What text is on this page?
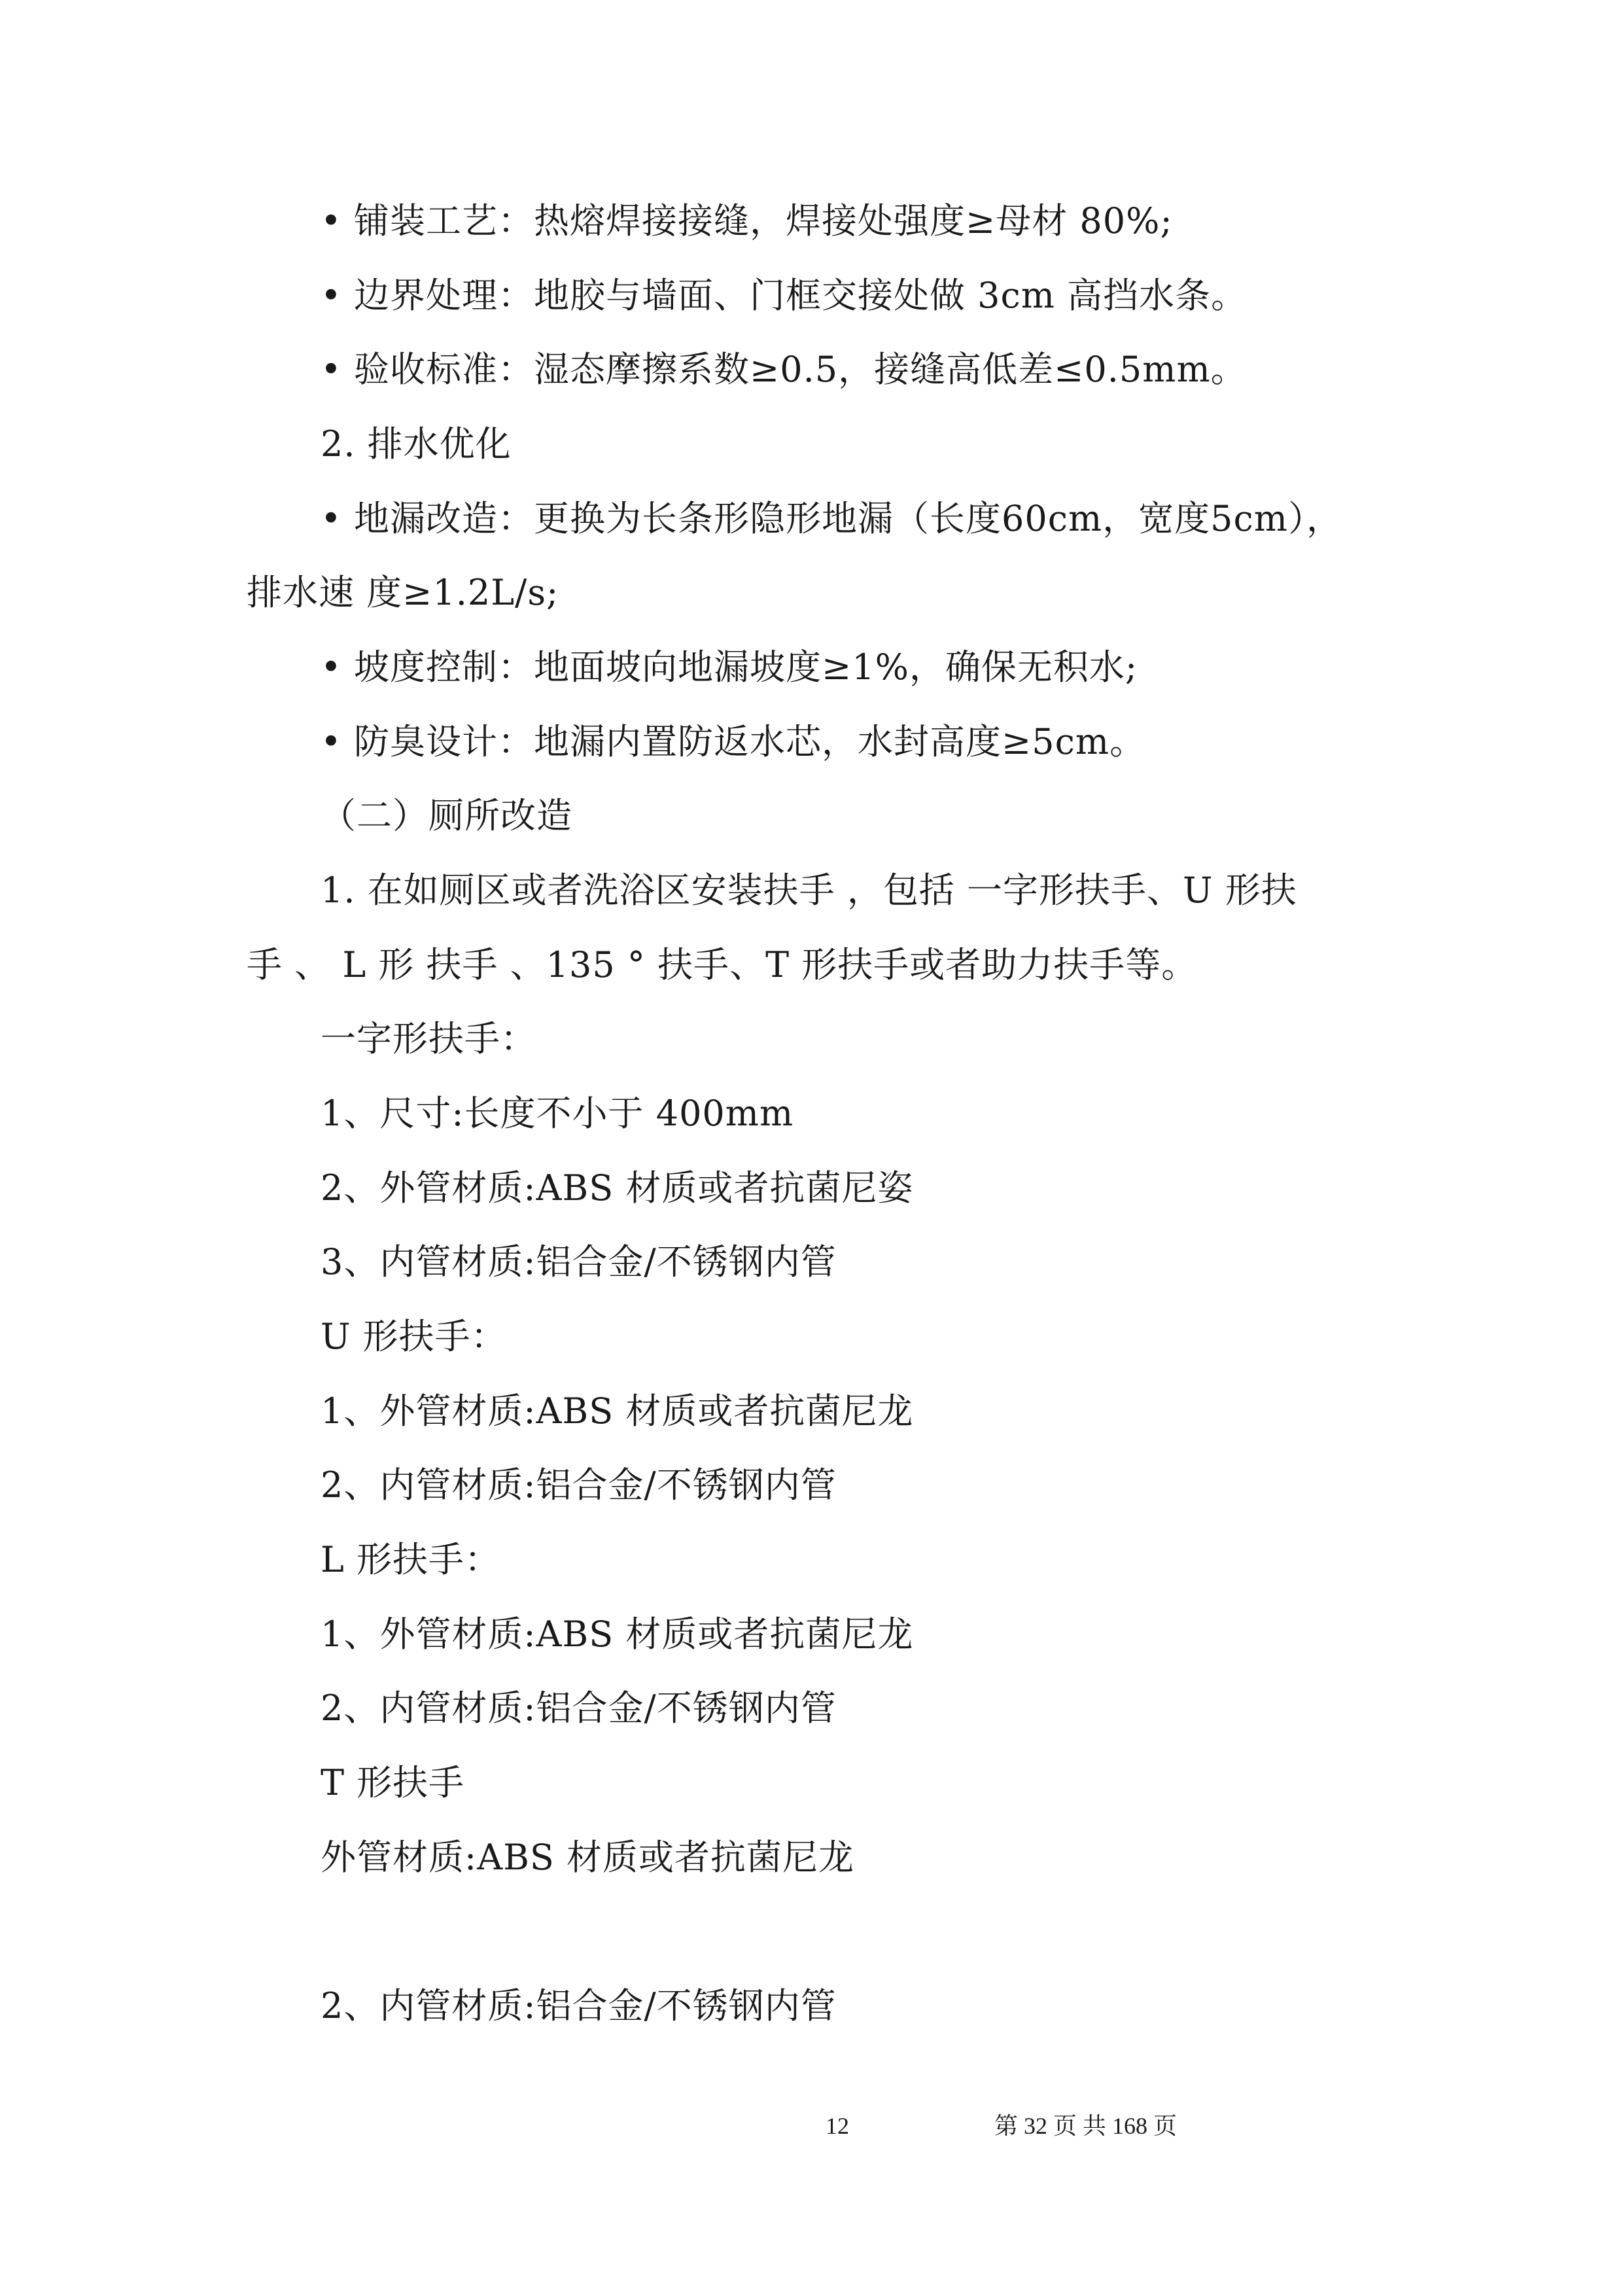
• 铺装工艺：热熔焊接接缝，焊接处强度≥母材 80%;
• 边界处理：地胶与墙面、门框交接处做 3cm 高挡水条。
• 验收标准：湿态摩擦系数≥0.5，接缝高低差≤0.5mm。
2. 排水优化
• 地漏改造：更换为长条形隐形地漏（长度60cm，宽度5cm），
排水速 度≥1.2L/s;
• 坡度控制：地面坡向地漏坡度≥1%，确保无积水;
• 防臭设计：地漏内置防返水芯，水封高度≥5cm。
（二）厕所改造
1. 在如厕区或者洗浴区安装扶手 ，包括 一字形扶手、U 形扶
手 、 L 形 扶手 、135 ° 扶手、T 形扶手或者助力扶手等。
一字形扶手：
1、尺寸:长度不小于 400mm
2、外管材质:ABS 材质或者抗菌尼姿
3、内管材质:铝合金/不锈钢内管
U 形扶手：
1、外管材质:ABS 材质或者抗菌尼龙
2、内管材质:铝合金/不锈钢内管
L 形扶手：
1、外管材质:ABS 材质或者抗菌尼龙
2、内管材质:铝合金/不锈钢内管
T 形扶手
外管材质:ABS 材质或者抗菌尼龙
2、内管材质:铝合金/不锈钢内管
12	第 32 页 共 168 页
